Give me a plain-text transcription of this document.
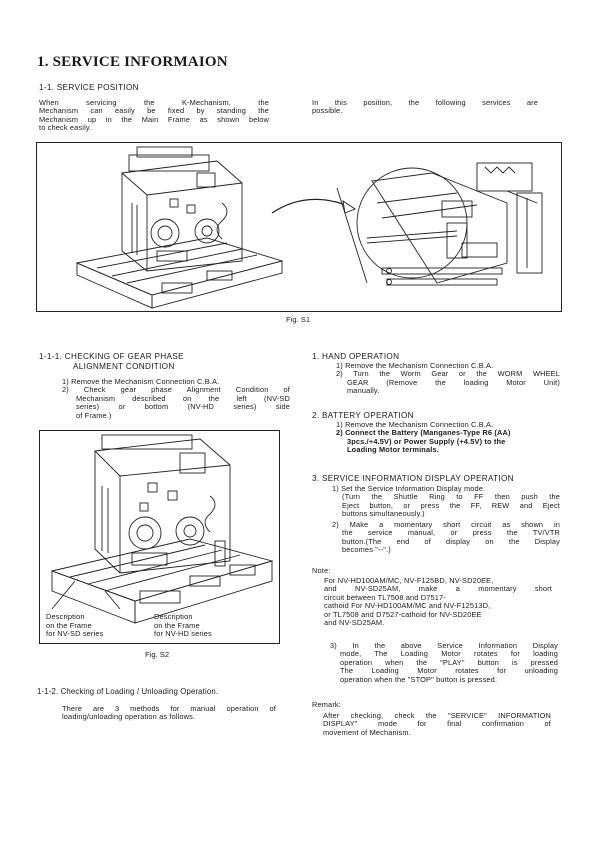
1. SERVICE INFORMAION
1-1. SERVICE POSITION
When servicing the K-Mechanism, the
Mechanism can easily be fixed by standing the
Mechanism up in the Main Frame as shown below
to check easily.
In this position, the following services are
possible.
Fig. S1
1-1-1. CHECKING OF GEAR PHASE
ALIGNMENT CONDITION
1) Remove the Mechanism Connection C.B.A.
2) Check gear phase Alignment Condition of
Mechanism described on the left (NV-SD
series) or bottom (NV-HD series) side
of Frame.)
Description
on the Frame
for NV-SD series
Description
on the Frame
for NV-HD series
Fig. S2
1-1-2. Checking of Loading / Unloading Operation.
There are 3 methods for manual operation of
loading/unloading operation as follows.
1. HAND OPERATION
1) Remove the Mechanism Connection C.B.A.
2) Turn the Worm Gear or the WORM WHEEL
GEAR (Remove the loading Motor Unit)
manually.
2. BATTERY OPERATION
1) Remove the Mechanism Connection C.B.A.
2) Connect the Battery (Manganes-Type R6 (AA)
3pcs./+4.5V) or Power Supply (+4.5V) to the
Loading Motor terminals.
3. SERVICE INFORMATION DISPLAY OPERATION
1) Set the Service Information Display mode.
(Turn the Shuttle Ring to FF then push the
Eject button, or press the FF, REW and Eject
buttons simultaneously.)
2) Make a momentary short circuit as shown in
the service manual, or press the TV/VTR
button.(The end of display on the Display
becomes "--".)
Note:
For NV-HD100AM/MC, NV-F125BD, NV-SD20EE,
and NV-SD25AM, make a momentary short
circuit between TL7508 and D7517-
cathoid For NV-HD100AM/MC and NV-F12513D,
or TL7508 and D7527-cathoid for NV-SD20EE
and NV-SD25AM.
3) In the above Service Information Display
mode, The Loading Motor rotates for loading
operation when the "PLAY" button is pressed
The Loading Motor rotates for unloading
operation when the "STOP" button is pressed.
Remark:
After checking, check the "SERVICE" INFORMATION
DISPLAY" mode for final confirmation of
movement of Mechanism.
